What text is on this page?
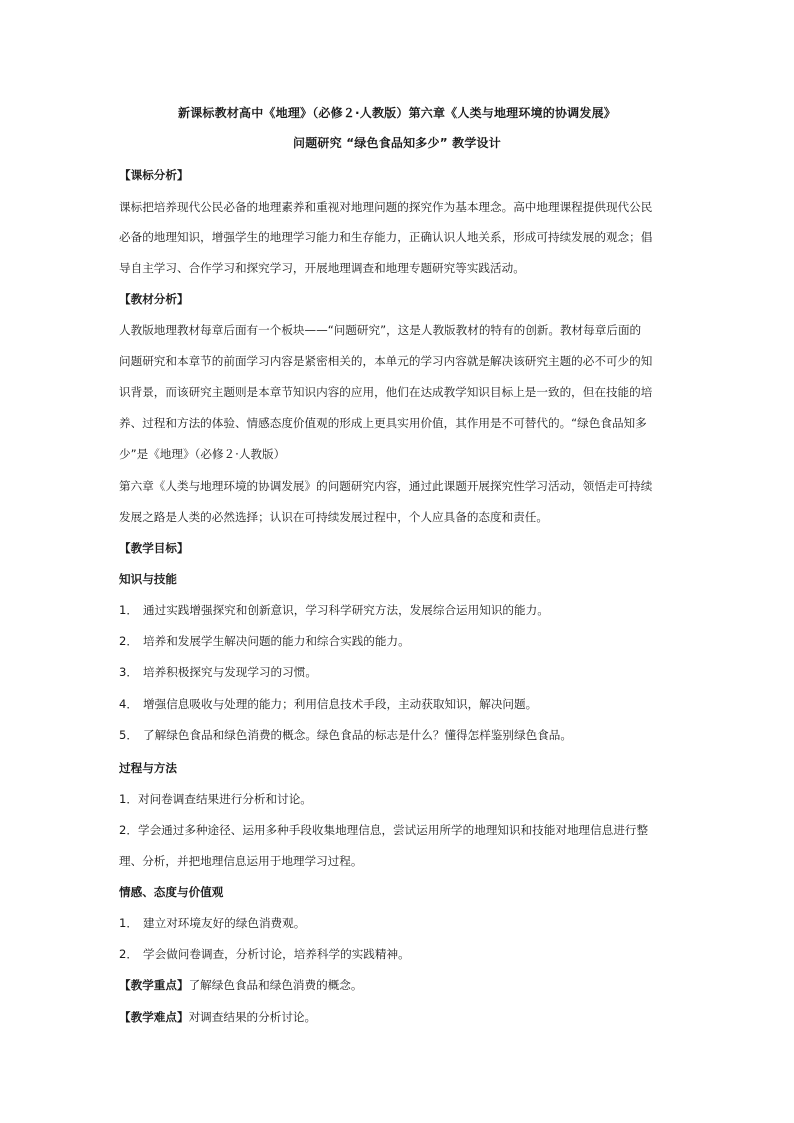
新课标教材高中《地理》（必修２·人教版）第六章《人类与地理环境的协调发展》
问题研究 “绿色食品知多少” 教学设计
【课标分析】
课标把培养现代公民必备的地理素养和重视对地理问题的探究作为基本理念。高中地理课程提供现代公民
必备的地理知识，增强学生的地理学习能力和生存能力，正确认识人地关系，形成可持续发展的观念；倡
导自主学习、合作学习和探究学习，开展地理调查和地理专题研究等实践活动。
【教材分析】
人教版地理教材每章后面有一个板块——“问题研究”，这是人教版教材的特有的创新。教材每章后面的
问题研究和本章节的前面学习内容是紧密相关的，本单元的学习内容就是解决该研究主题的必不可少的知
识背景，而该研究主题则是本章节知识内容的应用，他们在达成教学知识目标上是一致的，但在技能的培
养、过程和方法的体验、情感态度价值观的形成上更具实用价值，其作用是不可替代的。“绿色食品知多
少”是《地理》（必修２·人教版）
第六章《人类与地理环境的协调发展》的问题研究内容，通过此课题开展探究性学习活动，领悟走可持续
发展之路是人类的必然选择；认识在可持续发展过程中，个人应具备的态度和责任。
【教学目标】
知识与技能
1． 通过实践增强探究和创新意识，学习科学研究方法，发展综合运用知识的能力。
2． 培养和发展学生解决问题的能力和综合实践的能力。
3． 培养积极探究与发现学习的习惯。
4． 增强信息吸收与处理的能力；利用信息技术手段，主动获取知识，解决问题。
5． 了解绿色食品和绿色消费的概念。绿色食品的标志是什么？懂得怎样鉴别绿色食品。
过程与方法
1．对问卷调查结果进行分析和讨论。
2．学会通过多种途径、运用多种手段收集地理信息，尝试运用所学的地理知识和技能对地理信息进行整
理、分析，并把地理信息运用于地理学习过程。
情感、态度与价值观
1． 建立对环境友好的绿色消费观。
2． 学会做问卷调查，分析讨论，培养科学的实践精神。
【教学重点】了解绿色食品和绿色消费的概念。
【教学难点】对调查结果的分析讨论。
